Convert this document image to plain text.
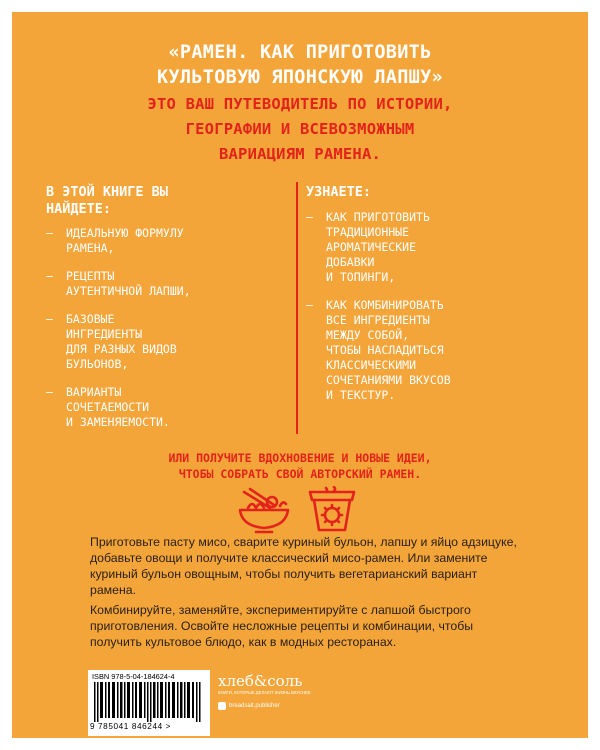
«РАМЕН. КАК ПРИГОТОВИТЬ
КУЛЬТОВУЮ ЯПОНСКУЮ ЛАПШУ»
ЭТО ВАШ ПУТЕВОДИТЕЛЬ ПО ИСТОРИИ,
ГЕОГРАФИИ И ВСЕВОЗМОЖНЫМ
ВАРИАЦИЯМ РАМЕНА.
В ЭТОЙ КНИГЕ ВЫ
НАЙДЕТЕ:
– ИДЕАЛЬНУЮ ФОРМУЛУ
РАМЕНА,
– РЕЦЕПТЫ
АУТЕНТИЧНОЙ ЛАПШИ,
– БАЗОВЫЕ
ИНГРЕДИЕНТЫ
ДЛЯ РАЗНЫХ ВИДОВ
БУЛЬОНОВ,
– ВАРИАНТЫ
СОЧЕТАЕМОСТИ
И ЗАМЕНЯЕМОСТИ.
УЗНАЕТЕ:
– КАК ПРИГОТОВИТЬ
ТРАДИЦИОННЫЕ
АРОМАТИЧЕСКИЕ
ДОБАВКИ
И ТОПИНГИ,
– КАК КОМБИНИРОВАТЬ
ВСЕ ИНГРЕДИЕНТЫ
МЕЖДУ СОБОЙ,
ЧТОБЫ НАСЛАДИТЬСЯ
КЛАССИЧЕСКИМИ
СОЧЕТАНИЯМИ ВКУСОВ
И ТЕКСТУР.
ИЛИ ПОЛУЧИТЕ ВДОХНОВЕНИЕ И НОВЫЕ ИДЕИ,
ЧТОБЫ СОБРАТЬ СВОЙ АВТОРСКИЙ РАМЕН.
Приготовьте пасту мисо, сварите куриный бульон, лапшу и яйцо адзицуке, добавьте овощи и получите классический мисо-рамен. Или замените куриный бульон овощным, чтобы получить вегетарианский вариант рамена.
Комбинируйте, заменяйте, экспериментируйте с лапшой быстрого приготовления. Освойте несложные рецепты и комбинации, чтобы получить культовое блюдо, как в модных ресторанах.
ISBN 978-5-04-184624-4
9 785041 846244 >
хлеб&соль
КНИГИ, КОТОРЫЕ ДЕЛАЮТ ЖИЗНЬ ВКУСНЕЕ
breadsalt.publisher
